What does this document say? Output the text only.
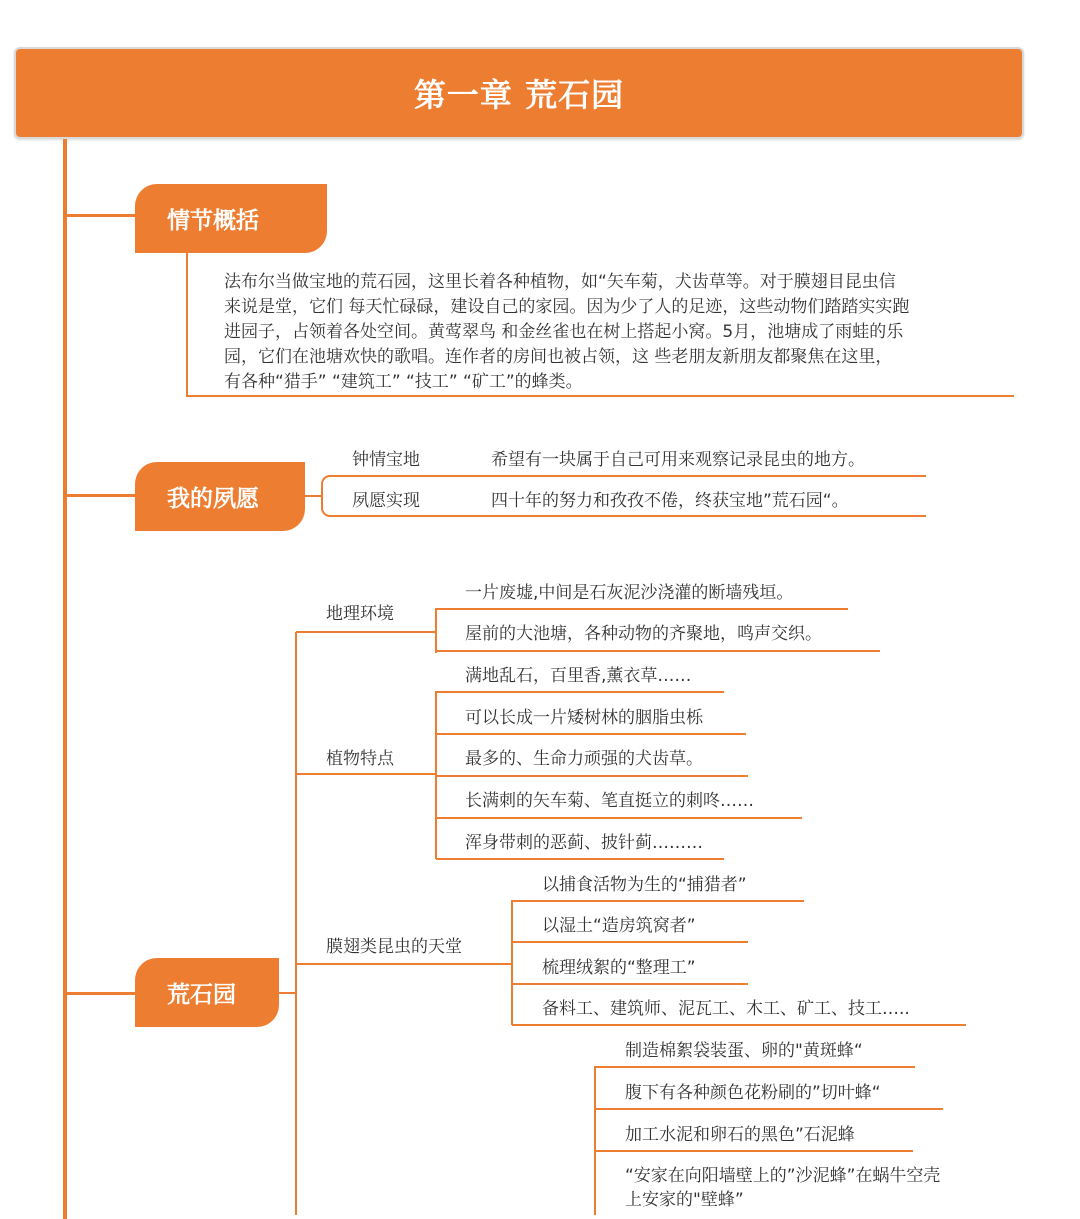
第一章 荒石园
情节概括

法布尔当做宝地的荒石园，这里长着各种植物，如“矢车菊，犬齿草等。对于膜翅目昆虫信

来说是堂，它们 每天忙碌碌，建设自己的家园。因为少了人的足迹，这些动物们踏踏实实跑

进园子，占领着各处空间。黄莺翠鸟 和金丝雀也在树上搭起小窝。5月，池塘成了雨蛙的乐

园，它们在池塘欢快的歌唱。连作者的房间也被占领，这 些老朋友新朋友都聚焦在这里，

有各种“猎手” “建筑工” “技工” “矿工”的蜂类。

我的夙愿
钟情宝地	希望有一块属于自己可用来观察记录昆虫的地方。
夙愿实现	四十年的努力和孜孜不倦，终获宝地”荒石园“。
荒石园
地理环境
一片废墟,中间是石灰泥沙浇灌的断墙残垣。
屋前的大池塘，各种动物的齐聚地，鸣声交织。
植物特点
满地乱石，百里香,薰衣草……
可以长成一片矮树林的胭脂虫栎
最多的、生命力顽强的犬齿草。
长满刺的矢车菊、笔直挺立的刺咚……
浑身带刺的恶蓟、披针蓟………
膜翅类昆虫的天堂
以捕食活物为生的“捕猎者”
以湿土“造房筑窝者”
梳理绒絮的“整理工”
备料工、建筑师、泥瓦工、木工、矿工、技工…..
制造棉絮袋装蛋、卵的"黄斑蜂“
腹下有各种颜色花粉刷的”切叶蜂“
加工水泥和卵石的黑色”石泥蜂
“安家在向阳墙壁上的”沙泥蜂”在蜗牛空壳
上安家的"壁蜂”
